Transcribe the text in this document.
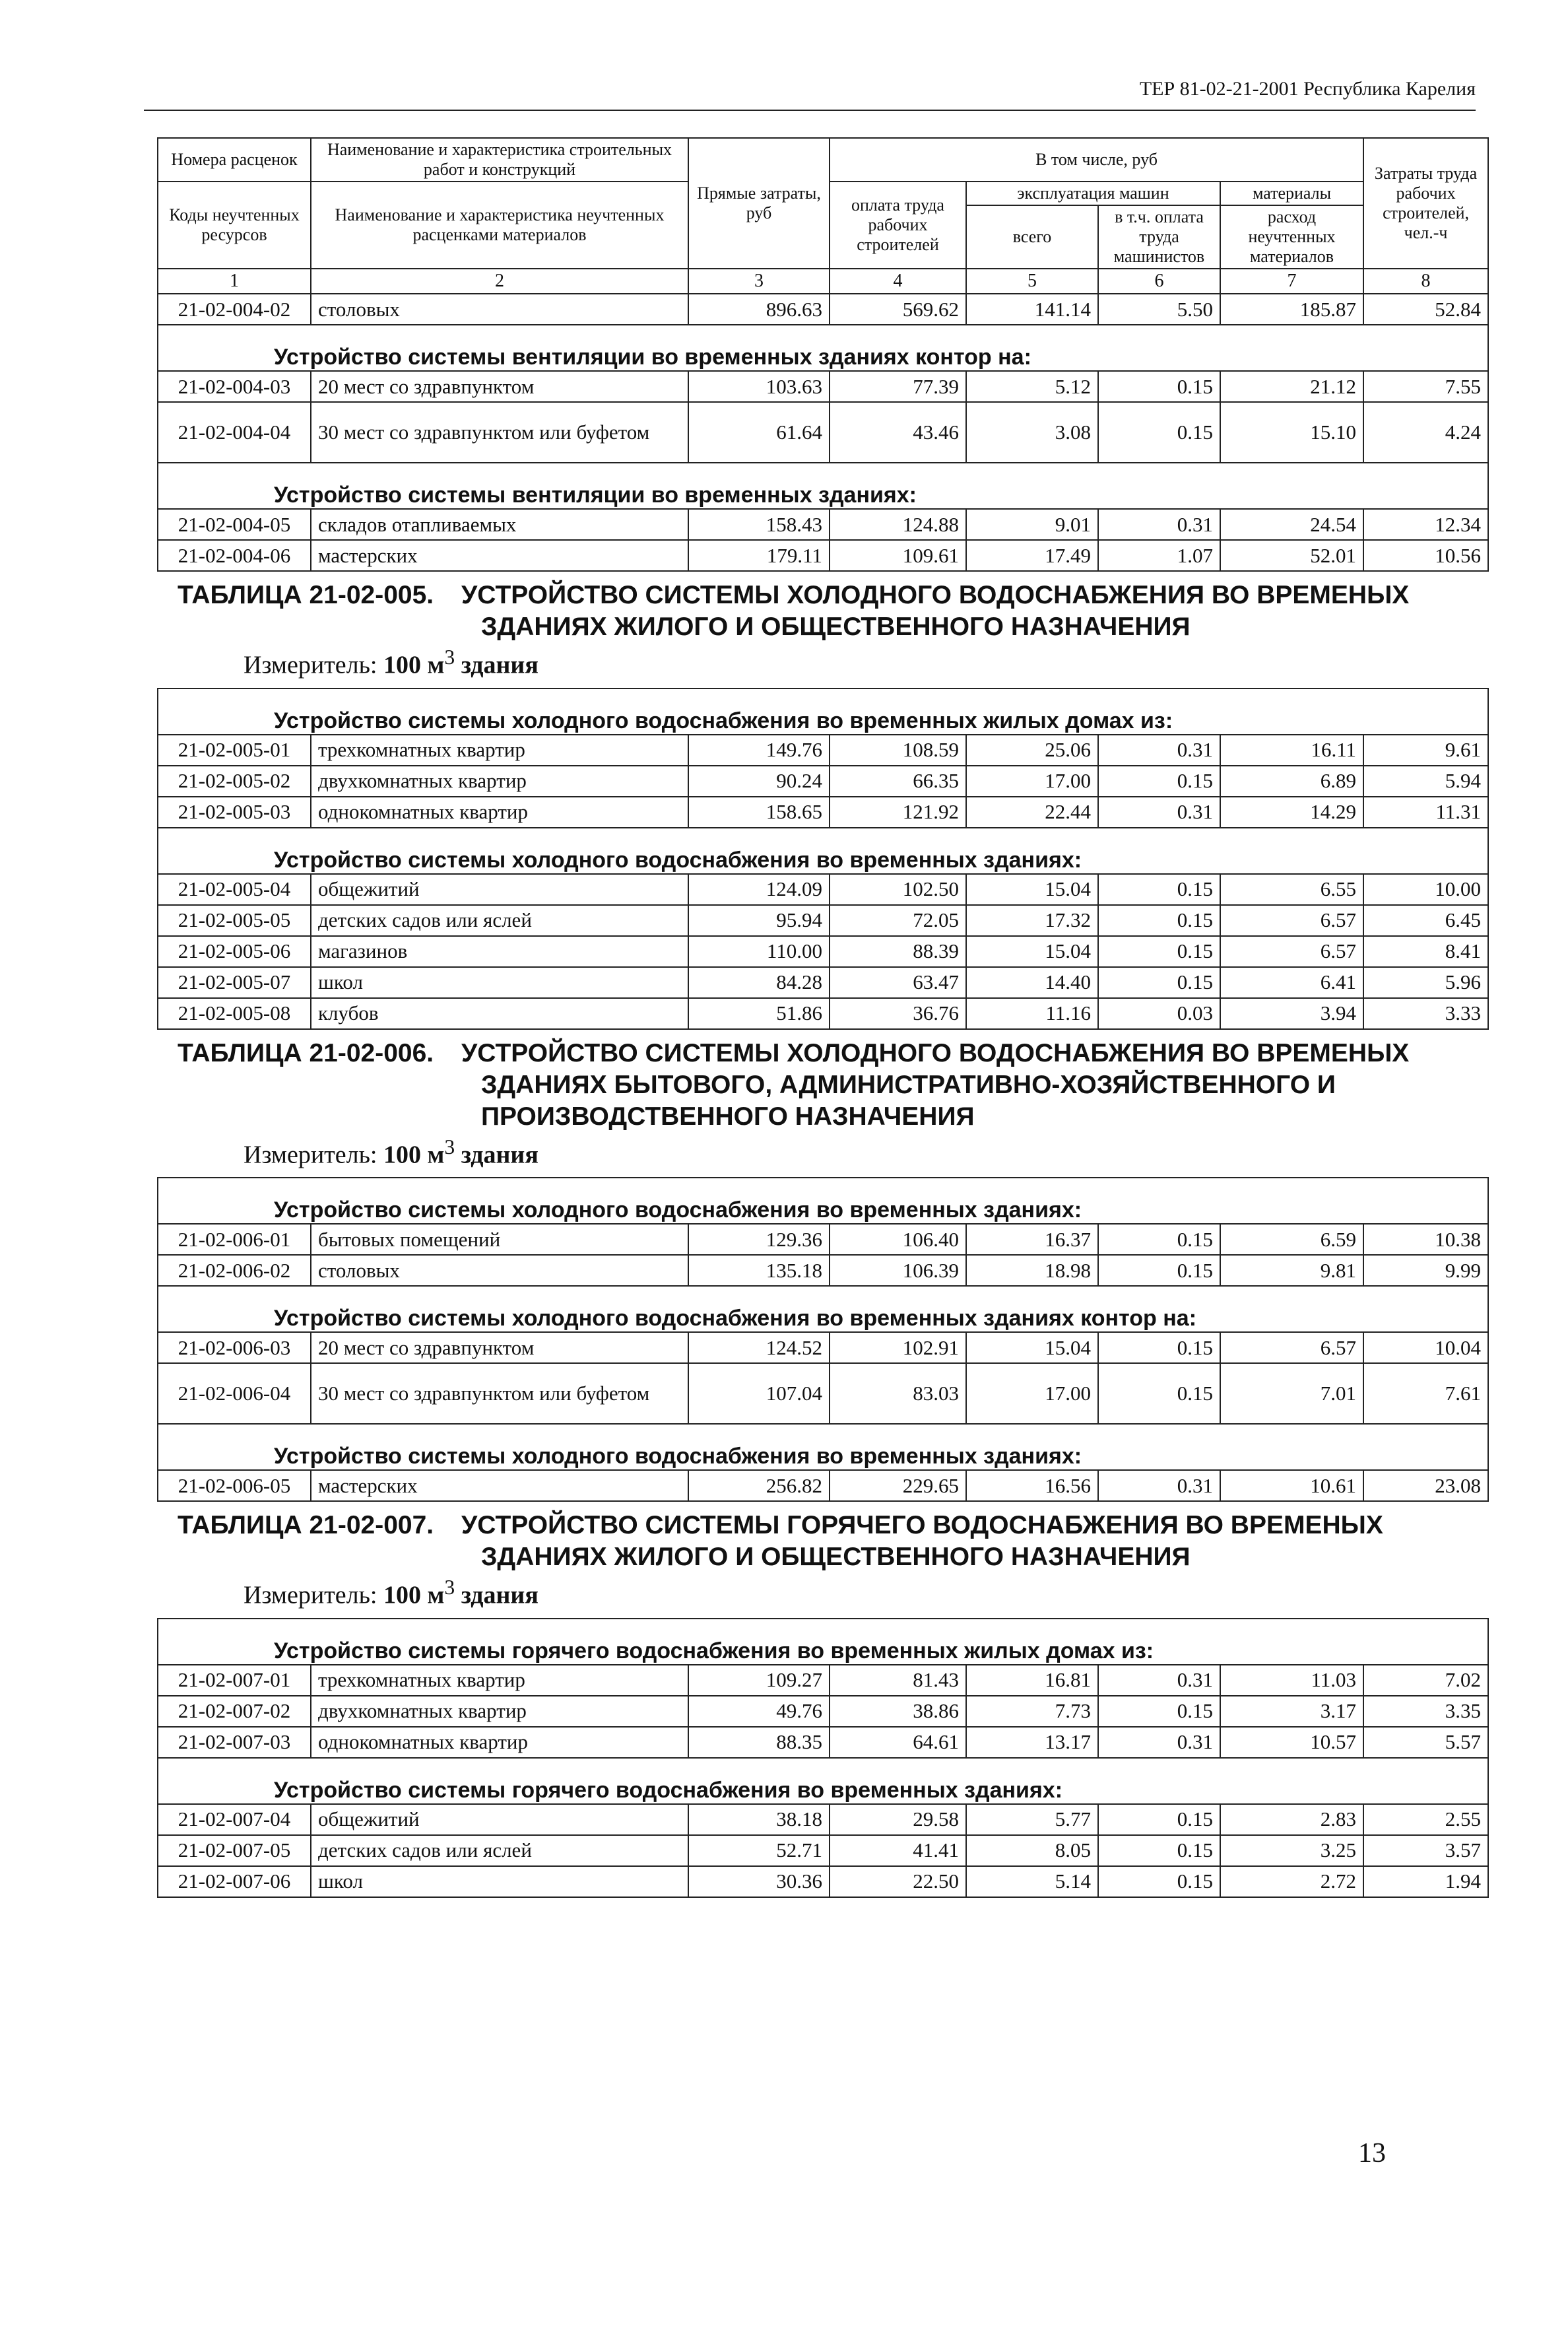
ТЕР 81-02-21-2001 Республика Карелия
Номера расценок	Наименование и характеристика строительных работ и конструкций	Прямые затраты, руб	В том числе, руб				Затраты труда рабочих строителей, чел.-ч
Коды неучтенных ресурсов	Наименование и характеристика неучтенных расценками материалов		оплата труда рабочих строителей	эксплуатация машин		материалы	
				всего	в т.ч. оплата труда машинистов	расход неучтенных материалов	

1	2	3	4	5	6	7	8
21-02-004-02	столовых	896.63	569.62	141.14	5.50	185.87	52.84
Устройство системы вентиляции во временных зданиях контор на:							
21-02-004-03	20 мест со здравпунктом	103.63	77.39	5.12	0.15	21.12	7.55
21-02-004-04	30 мест со здравпунктом или буфетом	61.64	43.46	3.08	0.15	15.10	4.24
Устройство системы вентиляции во временных зданиях:							
21-02-004-05	складов отапливаемых	158.43	124.88	9.01	0.31	24.54	12.34
21-02-004-06	мастерских	179.11	109.61	17.49	1.07	52.01	10.56

ТАБЛИЦА 21-02-005. УСТРОЙСТВО СИСТЕМЫ ХОЛОДНОГО ВОДОСНАБЖЕНИЯ ВО ВРЕМЕНЫХ
ЗДАНИЯХ ЖИЛОГО И ОБЩЕСТВЕННОГО НАЗНАЧЕНИЯ
Измеритель: 100 $м^3$ здания							

Устройство системы холодного водоснабжения во временных жилых домах из:							
21-02-005-01	трехкомнатных квартир	149.76	108.59	25.06	0.31	16.11	9.61
21-02-005-02	двухкомнатных квартир	90.24	66.35	17.00	0.15	6.89	5.94
21-02-005-03	однокомнатных квартир	158.65	121.92	22.44	0.31	14.29	11.31
Устройство системы холодного водоснабжения во временных зданиях:							
21-02-005-04	общежитий	124.09	102.50	15.04	0.15	6.55	10.00
21-02-005-05	детских садов или яслей	95.94	72.05	17.32	0.15	6.57	6.45
21-02-005-06	магазинов	110.00	88.39	15.04	0.15	6.57	8.41
21-02-005-07	школ	84.28	63.47	14.40	0.15	6.41	5.96
21-02-005-08	клубов	51.86	36.76	11.16	0.03	3.94	3.33

ТАБЛИЦА 21-02-006. УСТРОЙСТВО СИСТЕМЫ ХОЛОДНОГО ВОДОСНАБЖЕНИЯ ВО ВРЕМЕНЫХ
ЗДАНИЯХ БЫТОВОГО, АДМИНИСТРАТИВНО-ХОЗЯЙСТВЕННОГО И
ПРОИЗВОДСТВЕННОГО НАЗНАЧЕНИЯ
Измеритель: 100 $м^3$ здания							

Устройство системы холодного водоснабжения во временных зданиях:							
21-02-006-01	бытовых помещений	129.36	106.40	16.37	0.15	6.59	10.38
21-02-006-02	столовых	135.18	106.39	18.98	0.15	9.81	9.99
Устройство системы холодного водоснабжения во временных зданиях контор на:							
21-02-006-03	20 мест со здравпунктом	124.52	102.91	15.04	0.15	6.57	10.04
21-02-006-04	30 мест со здравпунктом или буфетом	107.04	83.03	17.00	0.15	7.01	7.61
Устройство системы холодного водоснабжения во временных зданиях:							
21-02-006-05	мастерских	256.82	229.65	16.56	0.31	10.61	23.08

ТАБЛИЦА 21-02-007. УСТРОЙСТВО СИСТЕМЫ ГОРЯЧЕГО ВОДОСНАБЖЕНИЯ ВО ВРЕМЕНЫХ
ЗДАНИЯХ ЖИЛОГО И ОБЩЕСТВЕННОГО НАЗНАЧЕНИЯ
Измеритель: 100 $м^3$ здания							

Устройство системы горячего водоснабжения во временных жилых домах из:							
21-02-007-01	трехкомнатных квартир	109.27	81.43	16.81	0.31	11.03	7.02
21-02-007-02	двухкомнатных квартир	49.76	38.86	7.73	0.15	3.17	3.35
21-02-007-03	однокомнатных квартир	88.35	64.61	13.17	0.31	10.57	5.57
Устройство системы горячего водоснабжения во временных зданиях:							
21-02-007-04	общежитий	38.18	29.58	5.77	0.15	2.83	2.55
21-02-007-05	детских садов или яслей	52.71	41.41	8.05	0.15	3.25	3.57
21-02-007-06	школ	30.36	22.50	5.14	0.15	2.72	1.94
13
